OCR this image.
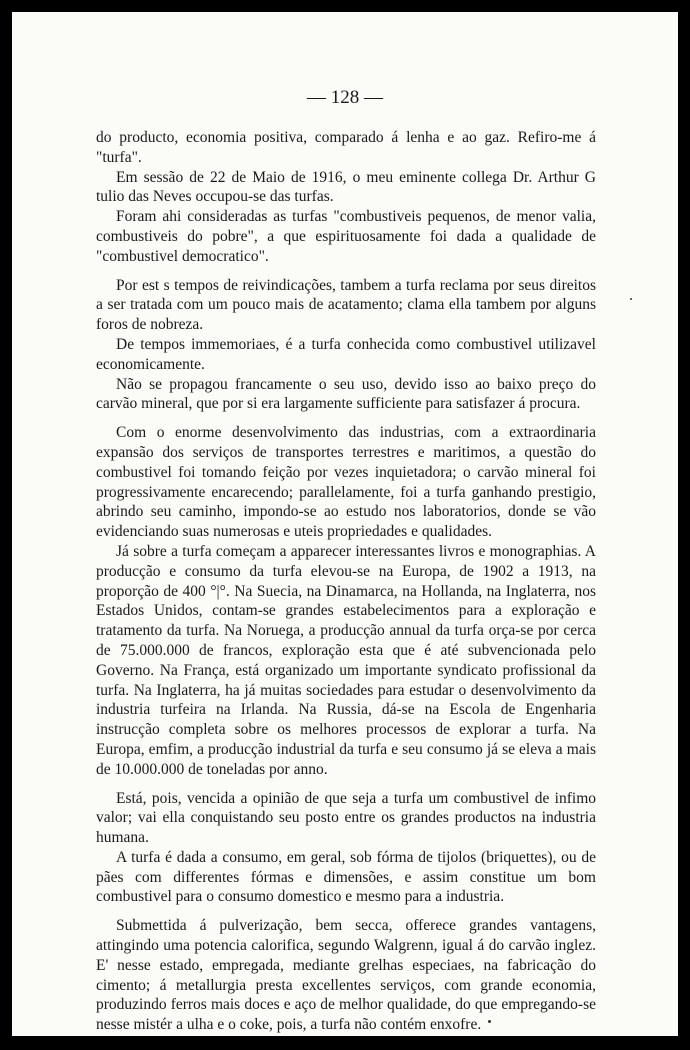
— 128 —

do producto, economia positiva, comparado á lenha e ao gaz. Refiro-me á "turfa".

Em sessão de 22 de Maio de 1916, o meu eminente collega Dr. Arthur G tulio das Neves occupou-se das turfas.

Foram ahi consideradas as turfas "combustiveis pequenos, de menor valia, combustiveis do pobre", a que espirituosamente foi dada a qualidade de "combustivel democratico".

Por est s tempos de reivindicações, tambem a turfa reclama por seus direitos a ser tratada com um pouco mais de acatamento; clama ella tambem por alguns foros de nobreza.

De tempos immemoriaes, é a turfa conhecida como combustivel utilizavel economicamente.

Não se propagou francamente o seu uso, devido isso ao baixo preço do carvão mineral, que por si era largamente sufficiente para satisfazer á procura.

Com o enorme desenvolvimento das industrias, com a extraordinaria expansão dos serviços de transportes terrestres e maritimos, a questão do combustivel foi tomando feição por vezes inquietadora; o carvão mineral foi progressivamente encarecendo; parallelamente, foi a turfa ganhando prestigio, abrindo seu caminho, impondo-se ao estudo nos laboratorios, donde se vão evidenciando suas numerosas e uteis propriedades e qualidades.

Já sobre a turfa começam a apparecer interessantes livros e monographias. A producção e consumo da turfa elevou-se na Europa, de 1902 a 1913, na proporção de 400 °|°. Na Suecia, na Dinamarca, na Hollanda, na Inglaterra, nos Estados Unidos, contam-se grandes estabelecimentos para a exploração e tratamento da turfa. Na Noruega, a producção annual da turfa orça-se por cerca de 75.000.000 de francos, exploração esta que é até subvencionada pelo Governo. Na França, está organizado um importante syndicato profissional da turfa. Na Inglaterra, ha já muitas sociedades para estudar o desenvolvimento da industria turfeira na Irlanda. Na Russia, dá-se na Escola de Engenharia instrucção completa sobre os melhores processos de explorar a turfa. Na Europa, emfim, a producção industrial da turfa e seu consumo já se eleva a mais de 10.000.000 de toneladas por anno.

Está, pois, vencida a opinião de que seja a turfa um combustivel de infimo valor; vai ella conquistando seu posto entre os grandes productos na industria humana.

A turfa é dada a consumo, em geral, sob fórma de tijolos (briquettes), ou de pães com differentes fórmas e dimensões, e assim constitue um bom combustivel para o consumo domestico e mesmo para a industria.

Submettida á pulverização, bem secca, offerece grandes vantagens, attingindo uma potencia calorifica, segundo Walgrenn, igual á do carvão inglez. E' nesse estado, empregada, mediante grelhas especiaes, na fabricação do cimento; á metallurgia presta excellentes serviços, com grande economia, produzindo ferros mais doces e aço de melhor qualidade, do que empregando-se nesse mistér a ulha e o coke, pois, a turfa não contém enxofre.
